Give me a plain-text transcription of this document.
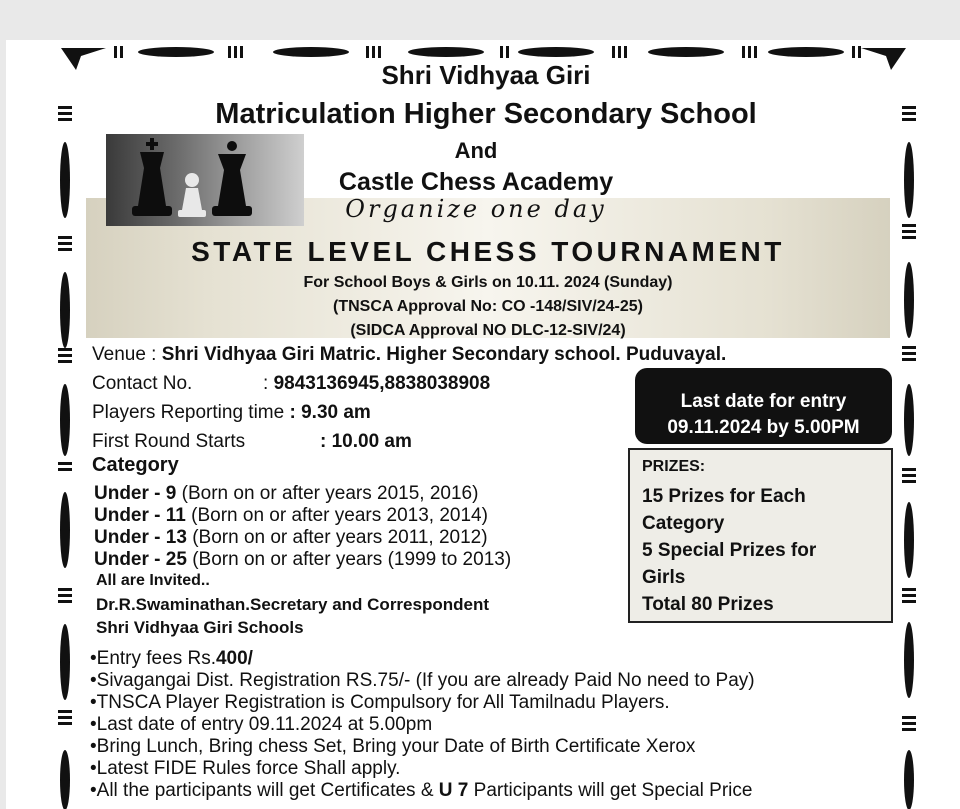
Shri Vidhyaa Giri
Matriculation Higher Secondary School
And
Castle Chess Academy
Organize one day
STATE LEVEL CHESS TOURNAMENT
For School Boys & Girls on 10.11. 2024 (Sunday)
(TNSCA Approval No: CO -148/SIV/24-25)
(SIDCA Approval NO DLC-12-SIV/24)
Venue : Shri Vidhyaa Giri Matric. Higher Secondary school. Puduvayal.
Contact No.	: 9843136945,8838038908
Players Reporting time : 9.30 am
First Round Starts	: 10.00 am
Category
Under - 9 (Born on or after years 2015, 2016)
Under - 11 (Born on or after years 2013, 2014)
Under - 13 (Born on or after years 2011, 2012)
Under - 25 (Born on or after years (1999 to 2013)
All are Invited..
Dr.R.Swaminathan.Secretary and Correspondent
Shri Vidhyaa Giri Schools
Last date for entry
09.11.2024 by 5.00PM
PRIZES:
15 Prizes for Each
Category
5 Special Prizes for
Girls
Total 80 Prizes
•Entry fees Rs.400/
•Sivagangai Dist. Registration RS.75/- (If you are already Paid No need to Pay)
•TNSCA Player Registration is Compulsory for All Tamilnadu Players.
•Last date of entry 09.11.2024 at 5.00pm
•Bring Lunch, Bring chess Set, Bring your Date of Birth Certificate Xerox
•Latest FIDE Rules force Shall apply.
•All the participants will get Certificates & U 7 Participants will get Special Price
